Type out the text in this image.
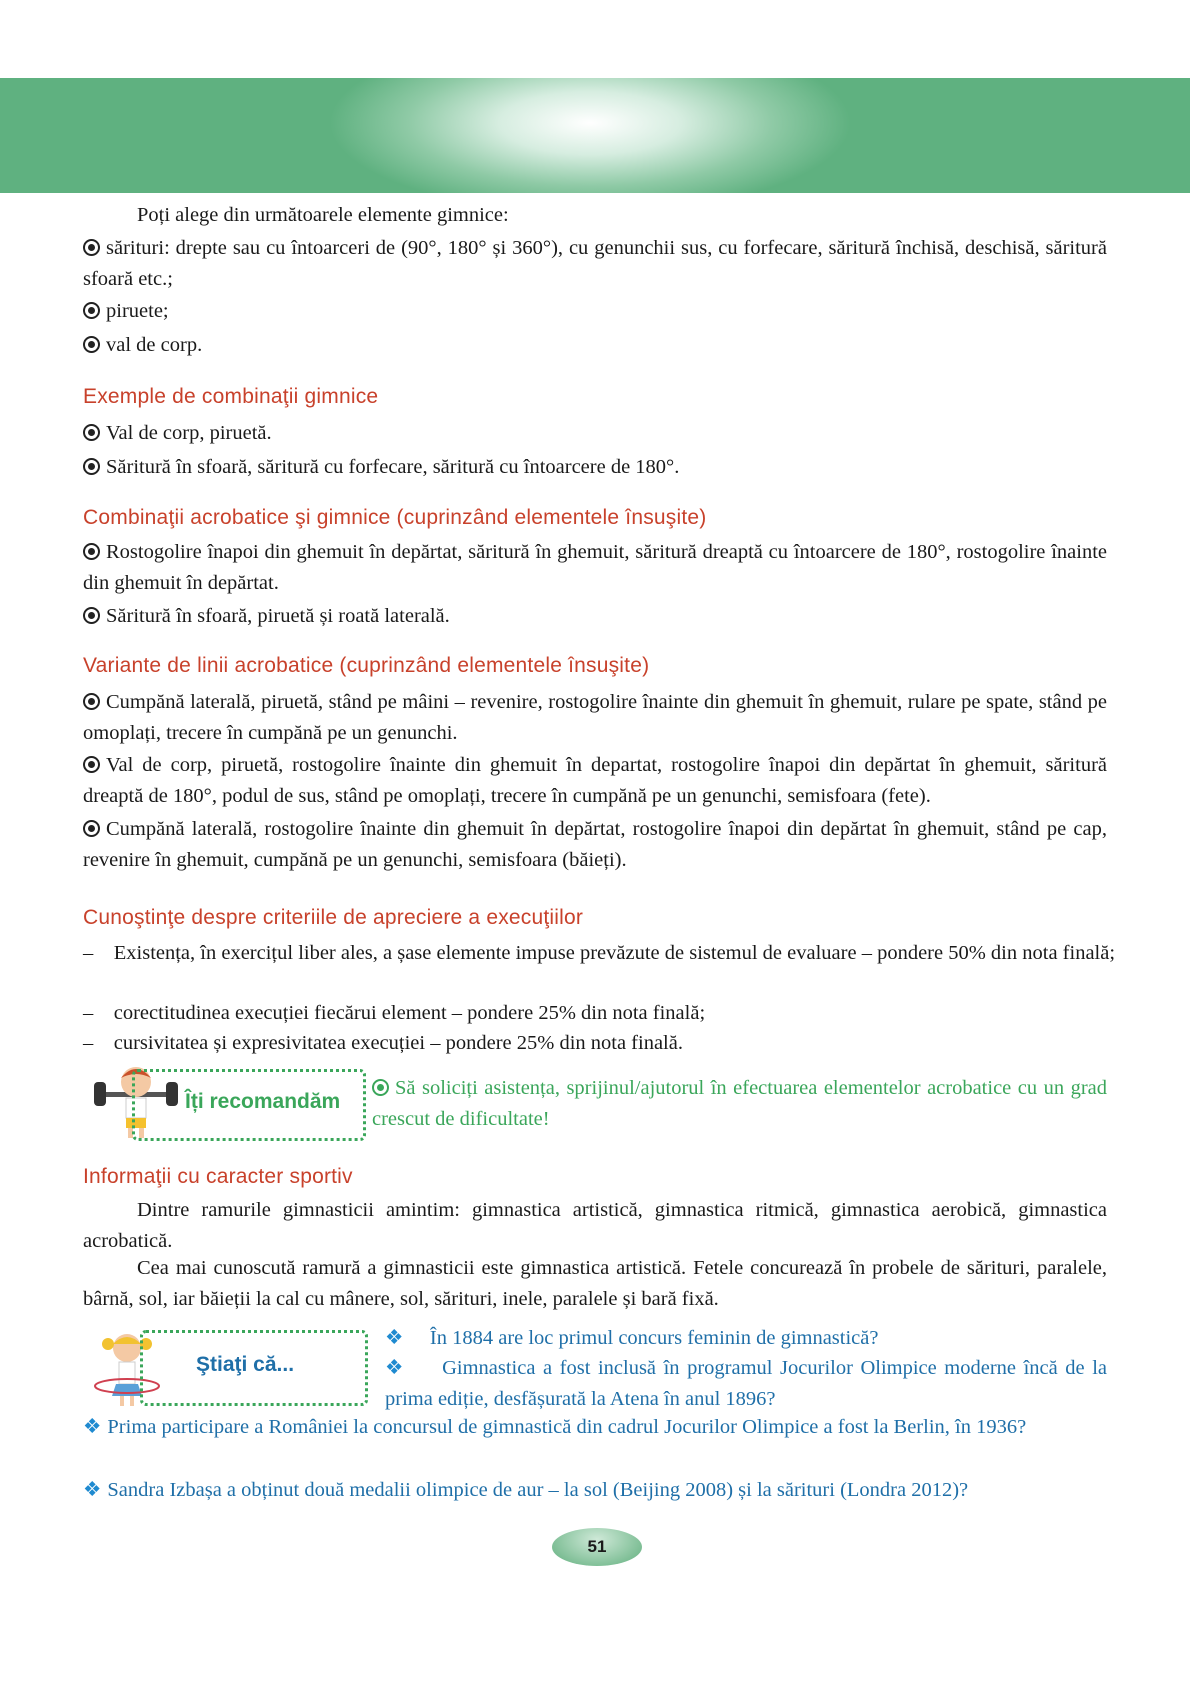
Poți alege din următoarele elemente gimnice:
sărituri: drepte sau cu întoarceri de (90°, 180° și 360°), cu genunchii sus, cu forfecare, săritură închisă, deschisă, săritură sfoară etc.;
piruete;
val de corp.
Exemple de combinaţii gimnice
Val de corp, piruetă.
Săritură în sfoară, săritură cu forfecare, săritură cu întoarcere de 180°.
Combinaţii acrobatice şi gimnice (cuprinzând elementele însuşite)
Rostogolire înapoi din ghemuit în depărtat, săritură în ghemuit, săritură dreaptă cu întoarcere de 180°, rostogolire înainte din ghemuit în depărtat.
Săritură în sfoară, piruetă și roată laterală.
Variante de linii acrobatice (cuprinzând elementele însuşite)
Cumpănă laterală, piruetă, stând pe mâini – revenire, rostogolire înainte din ghemuit în ghemuit, rulare pe spate, stând pe omoplați, trecere în cumpănă pe un genunchi.
Val de corp, piruetă, rostogolire înainte din ghemuit în departat, rostogolire înapoi din depărtat în ghemuit, săritură dreaptă de 180°, podul de sus, stând pe omoplați, trecere în cumpănă pe un genunchi, semisfoara (fete).
Cumpănă laterală, rostogolire înainte din ghemuit în depărtat, rostogolire înapoi din depărtat în ghemuit, stând pe cap, revenire în ghemuit, cumpănă pe un genunchi, semisfoara (băieți).
Cunoştinţe despre criteriile de apreciere a execuţiilor
–    Existența, în exercițul liber ales, a șase elemente impuse prevăzute de sistemul de evaluare – pondere 50% din nota finală;
–    corectitudinea execuției fiecărui element – pondere 25% din nota finală;
–    cursivitatea și expresivitatea execuției – pondere 25% din nota finală.
Îți recomandăm
Să soliciți asistența, sprijinul/ajutorul în efectuarea elementelor acrobatice cu un grad crescut de dificultate!
Informaţii cu caracter sportiv
Dintre ramurile gimnasticii amintim: gimnastica artistică, gimnastica ritmică, gimnastica aerobică, gimnastica acrobatică.
Cea mai cunoscută ramură a gimnasticii este gimnastica artistică. Fetele concurează în probele de sărituri, paralele, bârnă, sol, iar băieții la cal cu mânere, sol, sărituri, inele, paralele și bară fixă.
Ştiaţi că...
❖ În 1884 are loc primul concurs feminin de gimnastică?
❖ Gimnastica a fost inclusă în programul Jocurilor Olimpice moderne încă de la prima ediție, desfășurată la Atena în anul 1896?
❖ Prima participare a României la concursul de gimnastică din cadrul Jocurilor Olimpice a fost la Berlin, în 1936?
❖ Sandra Izbașa a obținut două medalii olimpice de aur – la sol (Beijing 2008) și la sărituri (Londra 2012)?
51
